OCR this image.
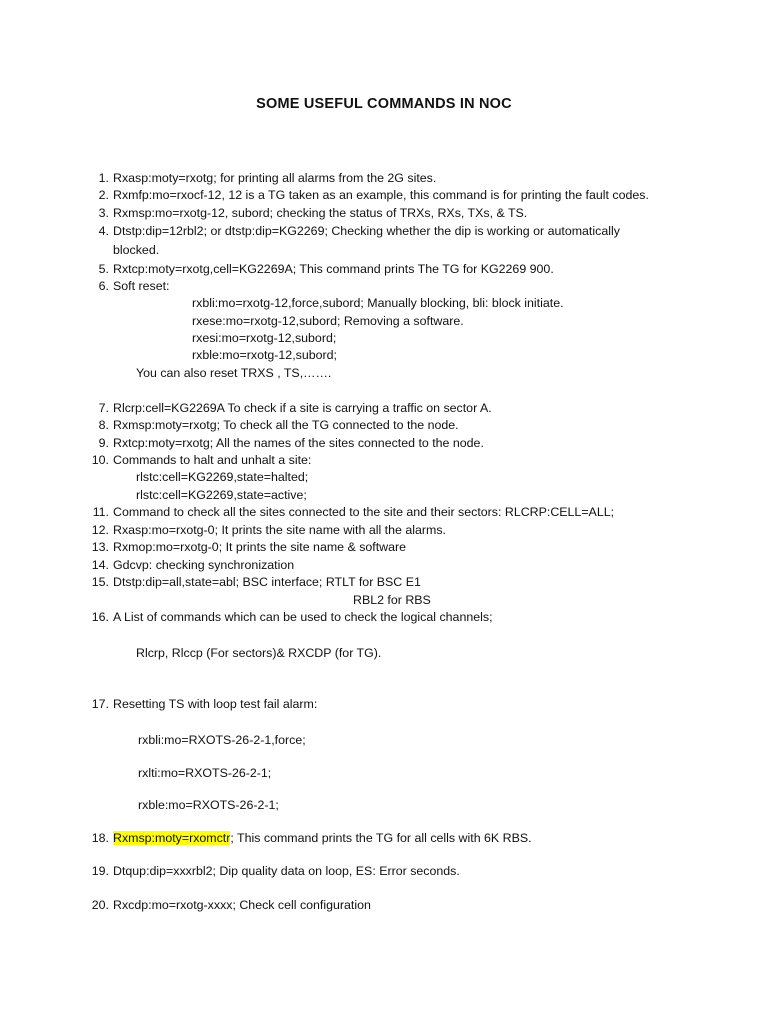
SOME USEFUL COMMANDS IN NOC
1. Rxasp:moty=rxotg; for printing all alarms from the 2G sites.
2. Rxmfp:mo=rxocf-12, 12 is a TG taken as an example, this command is for printing the fault codes.
3. Rxmsp:mo=rxotg-12, subord; checking the status of TRXs, RXs, TXs, & TS.
4. Dtstp:dip=12rbl2; or dtstp:dip=KG2269; Checking whether the dip is working or automatically
blocked.
5. Rxtcp:moty=rxotg,cell=KG2269A; This command prints The TG for KG2269 900.
6. Soft reset:
rxbli:mo=rxotg-12,force,subord; Manually blocking, bli: block initiate.
rxese:mo=rxotg-12,subord; Removing a software.
rxesi:mo=rxotg-12,subord;
rxble:mo=rxotg-12,subord;
You can also reset TRXS , TS,…….
7. Rlcrp:cell=KG2269A To check if a site is carrying a traffic on sector A.
8. Rxmsp:moty=rxotg; To check all the TG connected to the node.
9. Rxtcp:moty=rxotg; All the names of the sites connected to the node.
10. Commands to halt and unhalt a site:
rlstc:cell=KG2269,state=halted;
rlstc:cell=KG2269,state=active;
11. Command to check all the sites connected to the site and their sectors: RLCRP:CELL=ALL;
12. Rxasp:mo=rxotg-0; It prints the site name with all the alarms.
13. Rxmop:mo=rxotg-0; It prints the site name & software
14. Gdcvp: checking synchronization
15. Dtstp:dip=all,state=abl; BSC interface; RTLT for BSC E1
RBL2 for RBS
16. A List of commands which can be used to check the logical channels;
Rlcrp, Rlccp (For sectors)& RXCDP (for TG).
17. Resetting TS with loop test fail alarm:
rxbli:mo=RXOTS-26-2-1,force;
rxlti:mo=RXOTS-26-2-1;
rxble:mo=RXOTS-26-2-1;
18. Rxmsp:moty=rxomctr; This command prints the TG for all cells with 6K RBS.
19. Dtqup:dip=xxxrbl2; Dip quality data on loop, ES: Error seconds.
20. Rxcdp:mo=rxotg-xxxx; Check cell configuration
